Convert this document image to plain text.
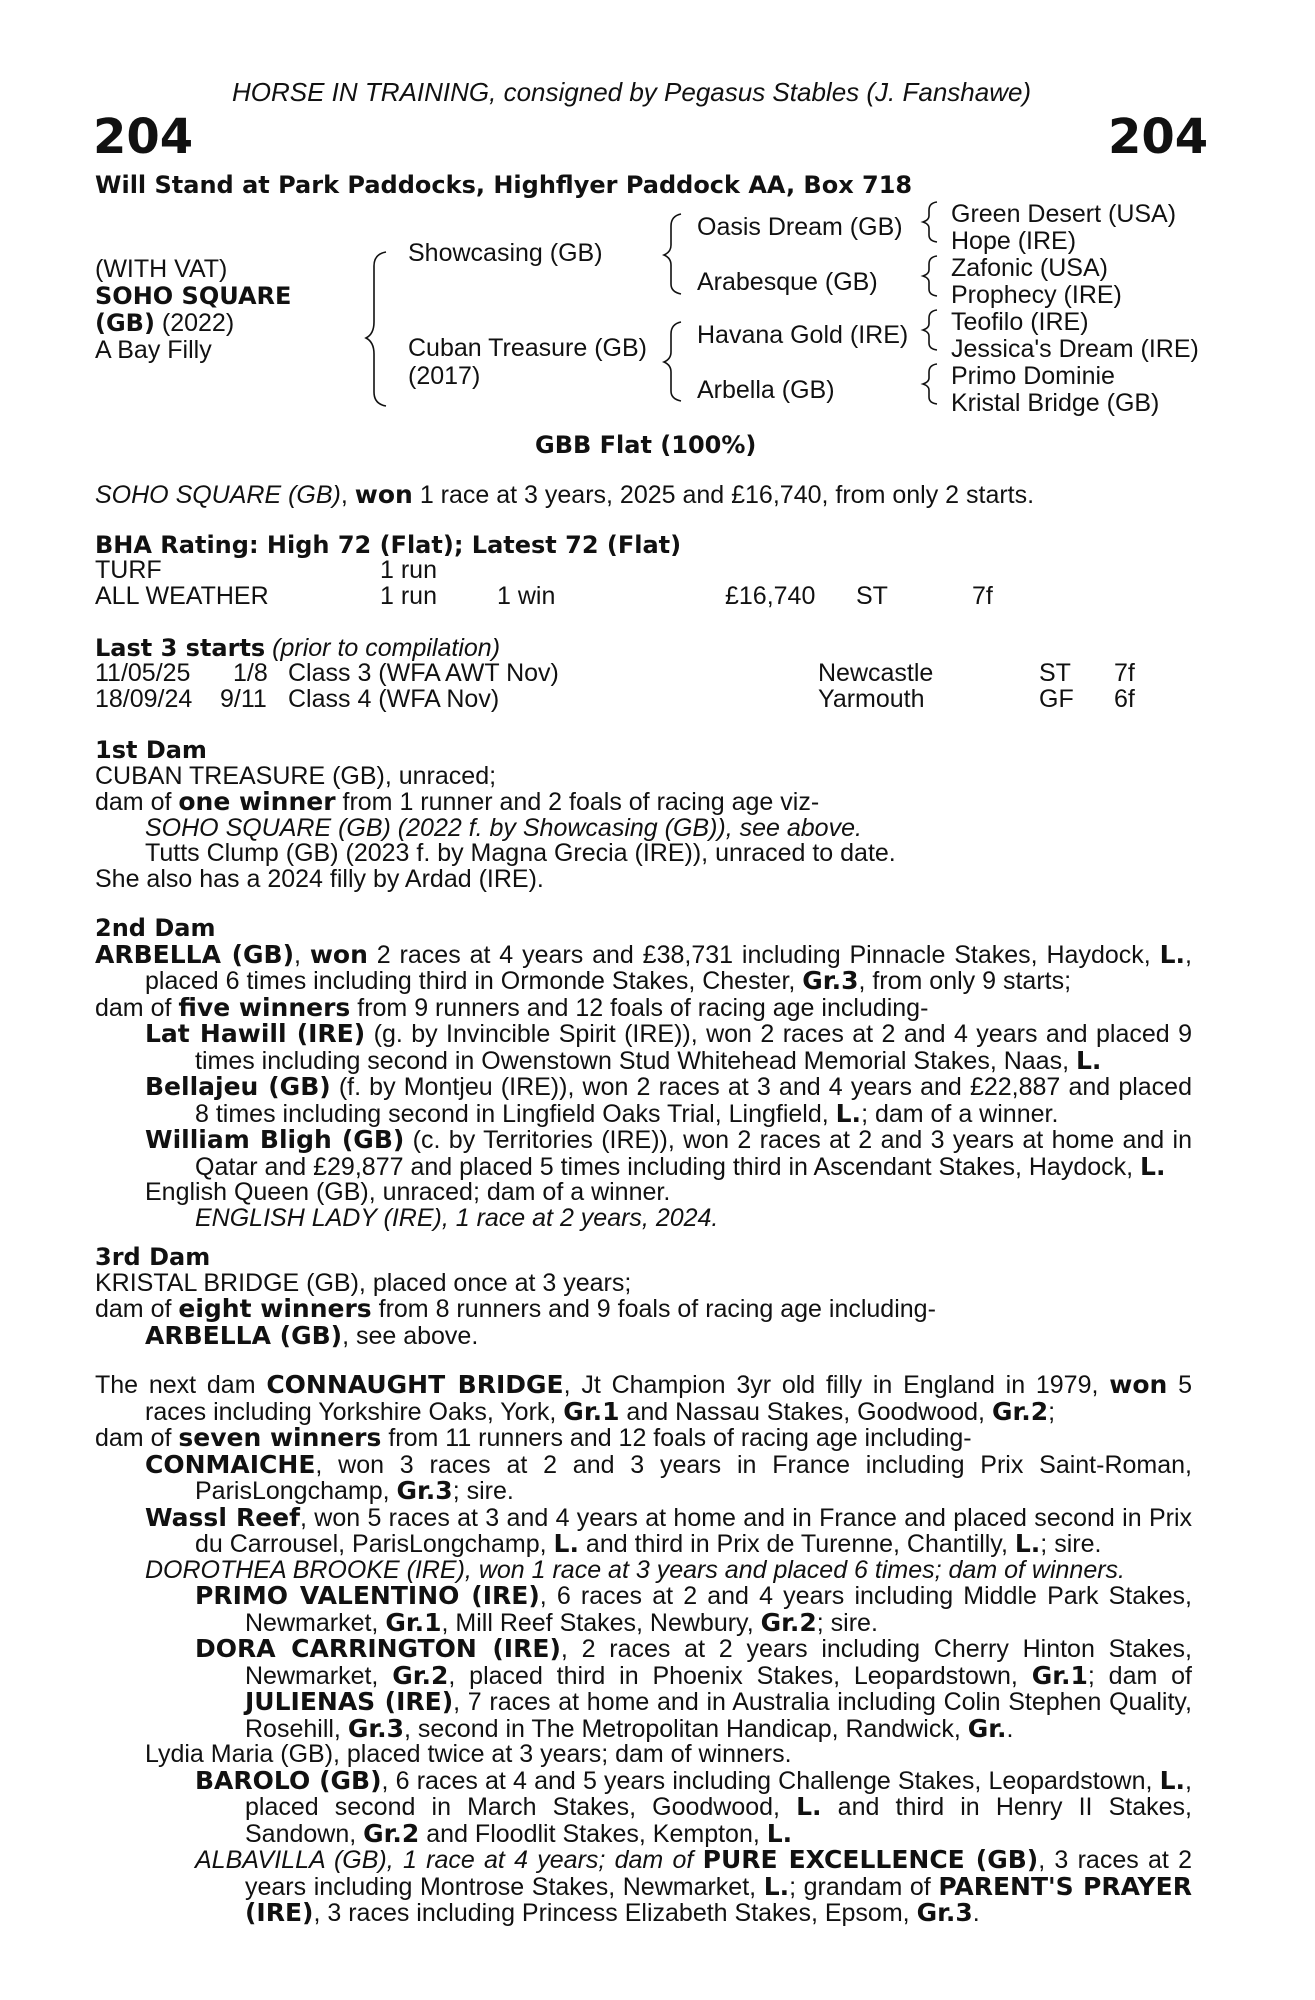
HORSE IN TRAINING, consigned by Pegasus Stables (J. Fanshawe)
204	204
Will Stand at Park Paddocks, Highflyer Paddock AA, Box 718
(WITH VAT)
SOHO SQUARE
(GB) (2022)
A Bay Filly
Showcasing (GB)
Cuban Treasure (GB)
(2017)
Oasis Dream (GB)
Arabesque (GB)
Havana Gold (IRE)
Arbella (GB)
Green Desert (USA)
Hope (IRE)
Zafonic (USA)
Prophecy (IRE)
Teofilo (IRE)
Jessica's Dream (IRE)
Primo Dominie
Kristal Bridge (GB)
GBB Flat (100%)
SOHO SQUARE (GB), won 1 race at 3 years, 2025 and £16,740, from only 2 starts.
BHA Rating: High 72 (Flat); Latest 72 (Flat)
TURF	1 run
ALL WEATHER	1 run 1 win	£16,740 ST	7f
Last 3 starts (prior to compilation)
11/05/25 1/8 Class 3 (WFA AWT Nov)	Newcastle	ST 7f
18/09/24 9/11 Class 4 (WFA Nov)	Yarmouth	GF 6f

1st Dam

CUBAN TREASURE (GB), unraced;

dam of one winner from 1 runner and 2 foals of racing age viz-

SOHO SQUARE (GB) (2022 f. by Showcasing (GB)), see above.

Tutts Clump (GB) (2023 f. by Magna Grecia (IRE)), unraced to date.

She also has a 2024 filly by Ardad (IRE).

2nd Dam

ARBELLA (GB), won 2 races at 4 years and £38,731 including Pinnacle Stakes, Haydock, L., placed 6 times including third in Ormonde Stakes, Chester, Gr.3, from only 9 starts;

dam of five winners from 9 runners and 12 foals of racing age including-

Lat Hawill (IRE) (g. by Invincible Spirit (IRE)), won 2 races at 2 and 4 years and placed 9 times including second in Owenstown Stud Whitehead Memorial Stakes, Naas, L.

Bellajeu (GB) (f. by Montjeu (IRE)), won 2 races at 3 and 4 years and £22,887 and placed 8 times including second in Lingfield Oaks Trial, Lingfield, L.; dam of a winner.

William Bligh (GB) (c. by Territories (IRE)), won 2 races at 2 and 3 years at home and in Qatar and £29,877 and placed 5 times including third in Ascendant Stakes, Haydock, L.

English Queen (GB), unraced; dam of a winner.

ENGLISH LADY (IRE), 1 race at 2 years, 2024.

3rd Dam

KRISTAL BRIDGE (GB), placed once at 3 years;

dam of eight winners from 8 runners and 9 foals of racing age including-

ARBELLA (GB), see above.

The next dam CONNAUGHT BRIDGE, Jt Champion 3yr old filly in England in 1979, won 5 races including Yorkshire Oaks, York, Gr.1 and Nassau Stakes, Goodwood, Gr.2;

dam of seven winners from 11 runners and 12 foals of racing age including-

CONMAICHE, won 3 races at 2 and 3 years in France including Prix Saint-Roman, ParisLongchamp, Gr.3; sire.

Wassl Reef, won 5 races at 3 and 4 years at home and in France and placed second in Prix du Carrousel, ParisLongchamp, L. and third in Prix de Turenne, Chantilly, L.; sire.

DOROTHEA BROOKE (IRE), won 1 race at 3 years and placed 6 times; dam of winners.

PRIMO VALENTINO (IRE), 6 races at 2 and 4 years including Middle Park Stakes, Newmarket, Gr.1, Mill Reef Stakes, Newbury, Gr.2; sire.

DORA CARRINGTON (IRE), 2 races at 2 years including Cherry Hinton Stakes, Newmarket, Gr.2, placed third in Phoenix Stakes, Leopardstown, Gr.1; dam of JULIENAS (IRE), 7 races at home and in Australia including Colin Stephen Quality, Rosehill, Gr.3, second in The Metropolitan Handicap, Randwick, Gr..

Lydia Maria (GB), placed twice at 3 years; dam of winners.

BAROLO (GB), 6 races at 4 and 5 years including Challenge Stakes, Leopardstown, L., placed second in March Stakes, Goodwood, L. and third in Henry II Stakes, Sandown, Gr.2 and Floodlit Stakes, Kempton, L.

ALBAVILLA (GB), 1 race at 4 years; dam of PURE EXCELLENCE (GB), 3 races at 2 years including Montrose Stakes, Newmarket, L.; grandam of PARENT'S PRAYER (IRE), 3 races including Princess Elizabeth Stakes, Epsom, Gr.3.
